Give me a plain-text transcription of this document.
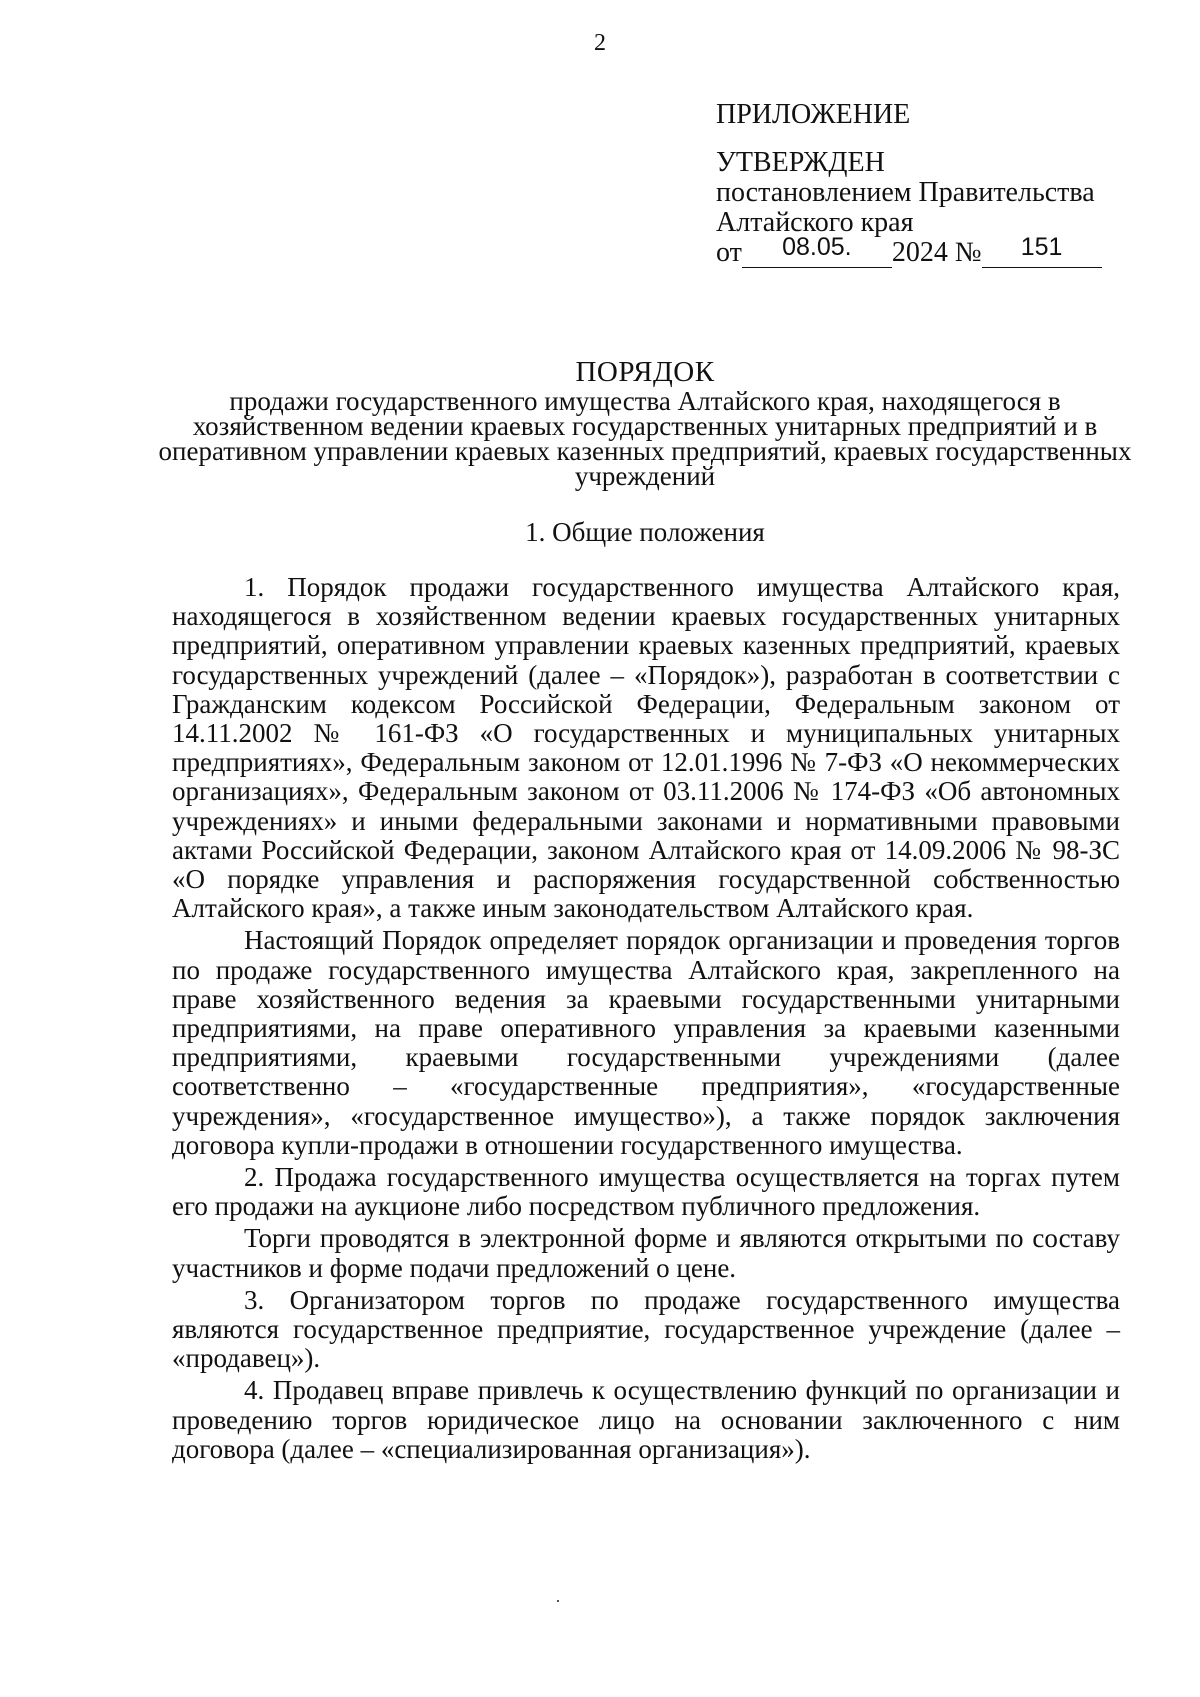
2
ПРИЛОЖЕНИЕ
УТВЕРЖДЕН
постановлением Правительства
Алтайского края
от 08.05. 2024 № 151
ПОРЯДОК
продажи государственного имущества Алтайского края, находящегося в хозяйственном ведении краевых государственных унитарных предприятий и в оперативном управлении краевых казенных предприятий, краевых государственных учреждений
1. Общие положения

1. Порядок продажи государственного имущества Алтайского края, находящегося в хозяйственном ведении краевых государственных унитарных предприятий, оперативном управлении краевых казенных предприятий, краевых государственных учреждений (далее – «Порядок»), разработан в соответствии с Гражданским кодексом Российской Федерации, Федеральным законом от 14.11.2002 № 161-ФЗ «О государственных и муниципальных унитарных предприятиях», Федеральным законом от 12.01.1996 № 7-ФЗ «О некоммерческих организациях», Федеральным законом от 03.11.2006 № 174-ФЗ «Об автономных учреждениях» и иными федеральными законами и нормативными правовыми актами Российской Федерации, законом Алтайского края от 14.09.2006 № 98-ЗС «О порядке управления и распоряжения государственной собственностью Алтайского края», а также иным законодательством Алтайского края.

Настоящий Порядок определяет порядок организации и проведения торгов по продаже государственного имущества Алтайского края, закрепленного на праве хозяйственного ведения за краевыми государственными унитарными предприятиями, на праве оперативного управления за краевыми казенными предприятиями, краевыми государственными учреждениями (далее соответственно – «государственные предприятия», «государственные учреждения», «государственное имущество»), а также порядок заключения договора купли-продажи в отношении государственного имущества.

2. Продажа государственного имущества осуществляется на торгах путем его продажи на аукционе либо посредством публичного предложения.

Торги проводятся в электронной форме и являются открытыми по составу участников и форме подачи предложений о цене.

3. Организатором торгов по продаже государственного имущества являются государственное предприятие, государственное учреждение (далее – «продавец»).

4. Продавец вправе привлечь к осуществлению функций по организации и проведению торгов юридическое лицо на основании заключенного с ним договора (далее – «специализированная организация»).
